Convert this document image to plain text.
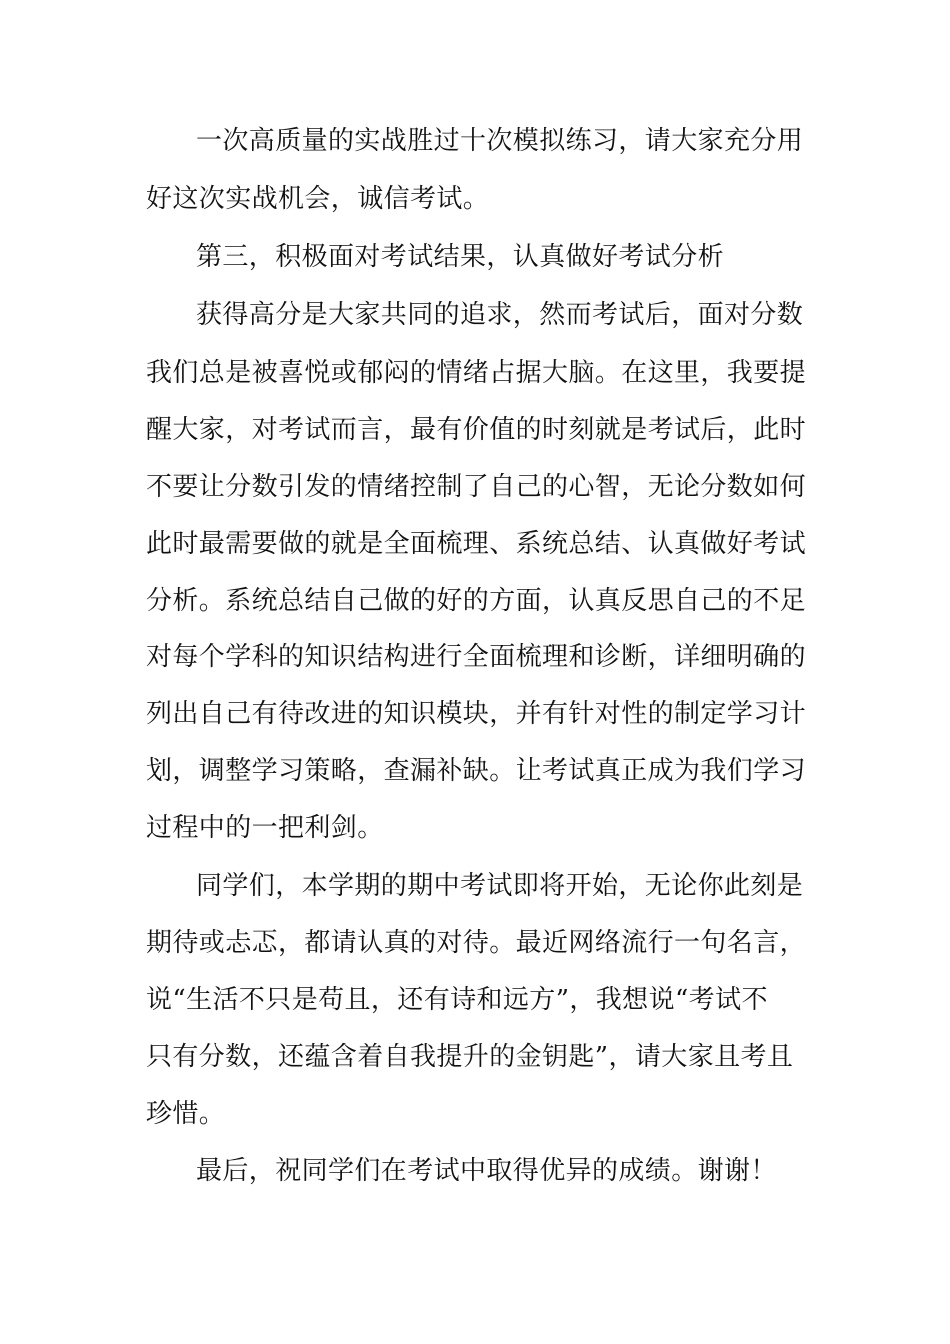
一次高质量的实战胜过十次模拟练习，请大家充分用
好这次实战机会，诚信考试。
第三，积极面对考试结果，认真做好考试分析
获得高分是大家共同的追求，然而考试后，面对分数
我们总是被喜悦或郁闷的情绪占据大脑。在这里，我要提
醒大家，对考试而言，最有价值的时刻就是考试后，此时
不要让分数引发的情绪控制了自己的心智，无论分数如何
此时最需要做的就是全面梳理、系统总结、认真做好考试
分析。系统总结自己做的好的方面，认真反思自己的不足
对每个学科的知识结构进行全面梳理和诊断，详细明确的
列出自己有待改进的知识模块，并有针对性的制定学习计
划，调整学习策略，查漏补缺。让考试真正成为我们学习
过程中的一把利剑。
同学们，本学期的期中考试即将开始，无论你此刻是
期待或忐忑，都请认真的对待。最近网络流行一句名言，
说“生活不只是苟且，还有诗和远方”，我想说“考试不
只有分数，还蕴含着自我提升的金钥匙”，请大家且考且
珍惜。
最后，祝同学们在考试中取得优异的成绩。谢谢！
